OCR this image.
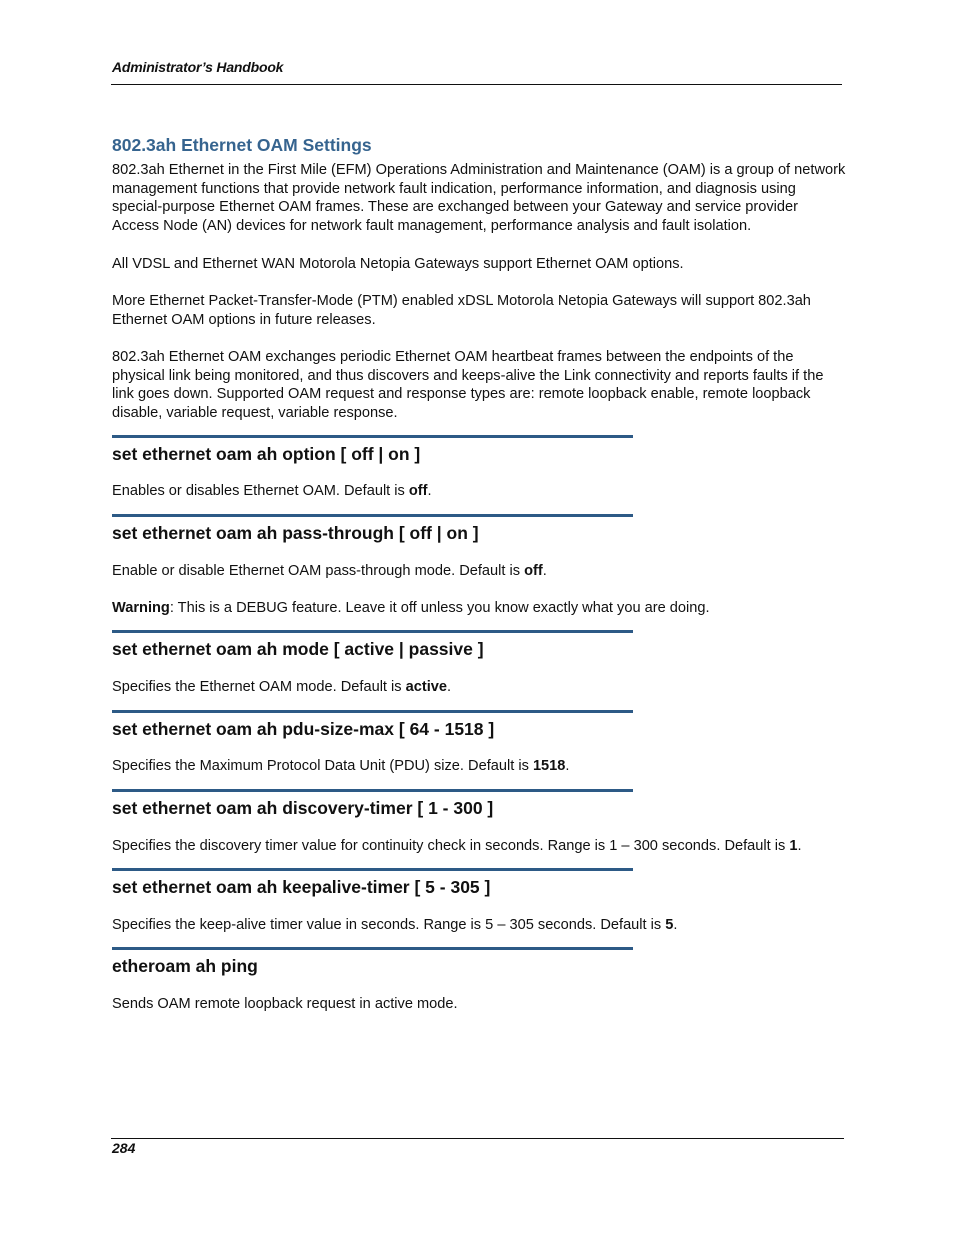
Administrator’s Handbook
802.3ah Ethernet OAM Settings

802.3ah Ethernet in the First Mile (EFM) Operations Administration and Maintenance (OAM) is a group of network management functions that provide network fault indication, performance information, and diagnosis using special-purpose Ethernet OAM frames. These are exchanged between your Gateway and service provider Access Node (AN) devices for network fault management, performance analysis and fault isolation.

All VDSL and Ethernet WAN Motorola Netopia Gateways support Ethernet OAM options.

More Ethernet Packet-Transfer-Mode (PTM) enabled xDSL Motorola Netopia Gateways will support 802.3ah Ethernet OAM options in future releases.

802.3ah Ethernet OAM exchanges periodic Ethernet OAM heartbeat frames between the endpoints of the physical link being monitored, and thus discovers and keeps-alive the Link connectivity and reports faults if the link goes down. Supported OAM request and response types are: remote loopback enable, remote loopback disable, variable request, variable response.

set ethernet oam ah option [ off | on ]
Enables or disables Ethernet OAM. Default is off.
set ethernet oam ah pass-through [ off | on ]
Enable or disable Ethernet OAM pass-through mode. Default is off.
Warning: This is a DEBUG feature. Leave it off unless you know exactly what you are doing.
set ethernet oam ah mode [ active | passive ]
Specifies the Ethernet OAM mode. Default is active.
set ethernet oam ah pdu-size-max [ 64 - 1518 ]
Specifies the Maximum Protocol Data Unit (PDU) size. Default is 1518.
set ethernet oam ah discovery-timer [ 1 - 300 ]
Specifies the discovery timer value for continuity check in seconds. Range is 1 – 300 seconds. Default is 1.
set ethernet oam ah keepalive-timer [ 5 - 305 ]
Specifies the keep-alive timer value in seconds. Range is 5 – 305 seconds. Default is 5.
etheroam ah ping
Sends OAM remote loopback request in active mode.
284
